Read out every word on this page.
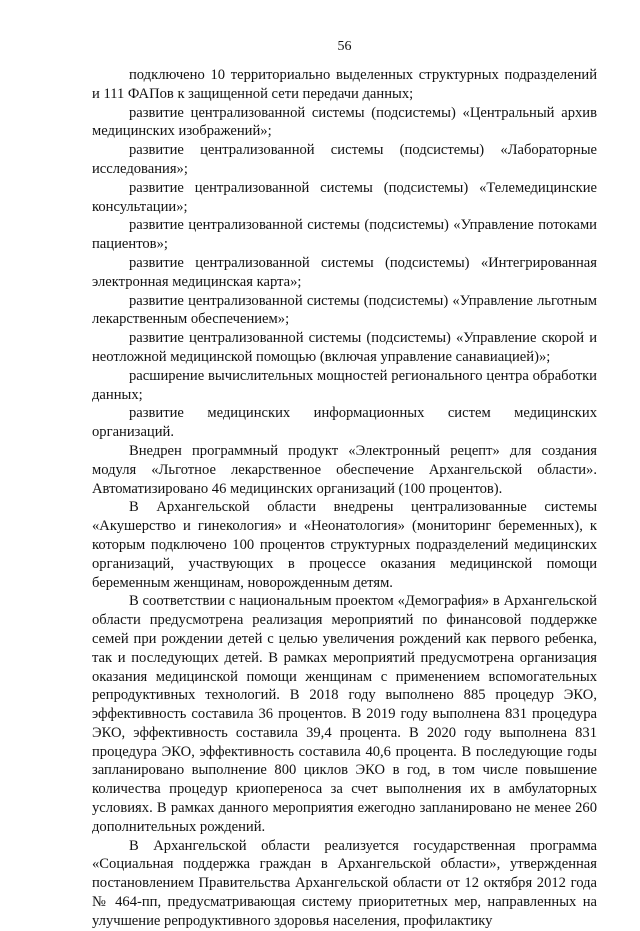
56

подключено 10 территориально выделенных структурных подразделений и 111 ФАПов к защищенной сети передачи данных;

развитие централизованной системы (подсистемы) «Центральный архив медицинских изображений»;

развитие централизованной системы (подсистемы) «Лабораторные исследования»;

развитие централизованной системы (подсистемы) «Телемедицинские консультации»;

развитие централизованной системы (подсистемы) «Управление потоками пациентов»;

развитие централизованной системы (подсистемы) «Интегрированная электронная медицинская карта»;

развитие централизованной системы (подсистемы) «Управление льготным лекарственным обеспечением»;

развитие централизованной системы (подсистемы) «Управление скорой и неотложной медицинской помощью (включая управление санавиацией)»;

расширение вычислительных мощностей регионального центра обработки данных;

развитие медицинских информационных систем медицинских организаций.

Внедрен программный продукт «Электронный рецепт» для создания модуля «Льготное лекарственное обеспечение Архангельской области». Автоматизировано 46 медицинских организаций (100 процентов).

В Архангельской области внедрены централизованные системы «Акушерство и гинекология» и «Неонатология» (мониторинг беременных), к которым подключено 100 процентов структурных подразделений медицинских организаций, участвующих в процессе оказания медицинской помощи беременным женщинам, новорожденным детям.

В соответствии с национальным проектом «Демография» в Архангельской области предусмотрена реализация мероприятий по финансовой поддержке семей при рождении детей с целью увеличения рождений как первого ребенка, так и последующих детей. В рамках мероприятий предусмотрена организация оказания медицинской помощи женщинам с применением вспомогательных репродуктивных технологий. В 2018 году выполнено 885 процедур ЭКО, эффективность составила 36 процентов. В 2019 году выполнена 831 процедура ЭКО, эффективность составила 39,4 процента. В 2020 году выполнена 831 процедура ЭКО, эффективность составила 40,6 процента. В последующие годы запланировано выполнение 800 циклов ЭКО в год, в том числе повышение количества процедур криопереноса за счет выполнения их в амбулаторных условиях. В рамках данного мероприятия ежегодно запланировано не менее 260 дополнительных рождений.

В Архангельской области реализуется государственная программа «Социальная поддержка граждан в Архангельской области», утвержденная постановлением Правительства Архангельской области от 12 октября 2012 года № 464-пп, предусматривающая систему приоритетных мер, направленных на улучшение репродуктивного здоровья населения, профилактику
